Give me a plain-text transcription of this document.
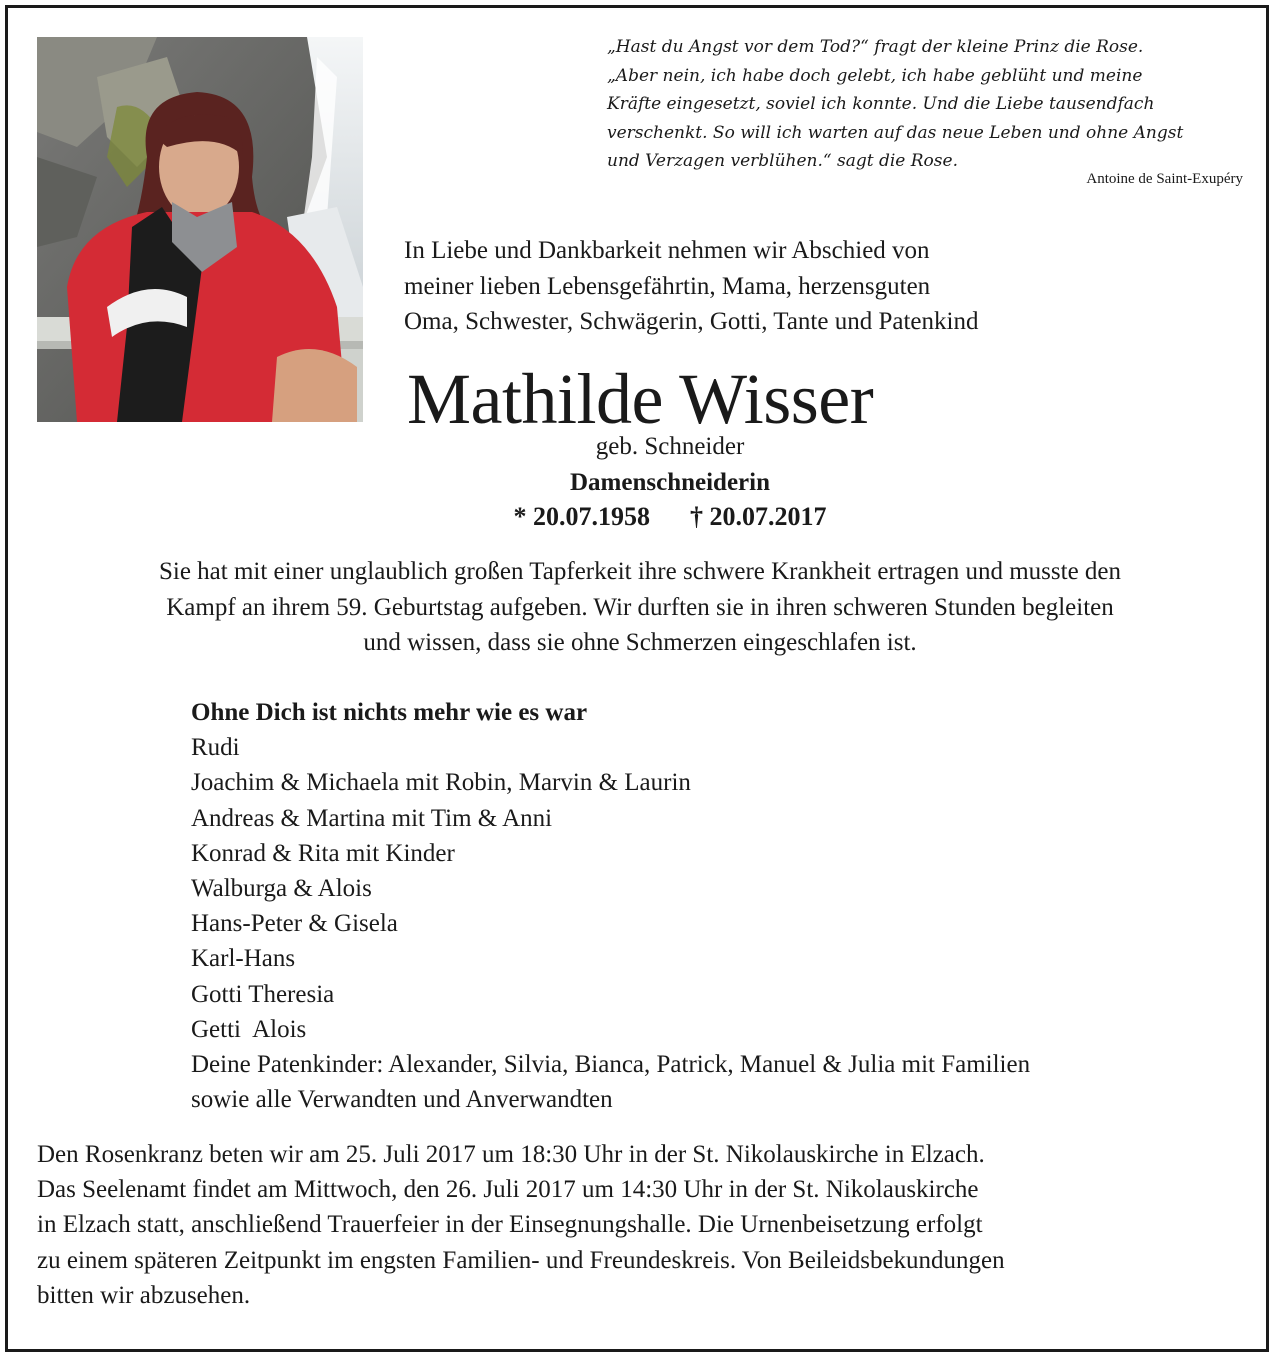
„Hast du Angst vor dem Tod?“ fragt der kleine Prinz die Rose.
„Aber nein, ich habe doch gelebt, ich habe geblüht und meine
Kräfte eingesetzt, soviel ich konnte. Und die Liebe tausendfach
verschenkt. So will ich warten auf das neue Leben und ohne Angst
und Verzagen verblühen.“ sagt die Rose.
Antoine de Saint-Exupéry
In Liebe und Dankbarkeit nehmen wir Abschied von
meiner lieben Lebensgefährtin, Mama, herzensguten
Oma, Schwester, Schwägerin, Gotti, Tante und Patenkind
Mathilde Wisser
geb. Schneider
Damenschneiderin
* 20.07.1958 † 20.07.2017
Sie hat mit einer unglaublich großen Tapferkeit ihre schwere Krankheit ertragen und musste den
Kampf an ihrem 59. Geburtstag aufgeben. Wir durften sie in ihren schweren Stunden begleiten
und wissen, dass sie ohne Schmerzen eingeschlafen ist.
Ohne Dich ist nichts mehr wie es war
Rudi
Joachim & Michaela mit Robin, Marvin & Laurin
Andreas & Martina mit Tim & Anni
Konrad & Rita mit Kinder
Walburga & Alois
Hans-Peter & Gisela
Karl-Hans
Gotti Theresia
Getti  Alois
Deine Patenkinder: Alexander, Silvia, Bianca, Patrick, Manuel & Julia mit Familien
sowie alle Verwandten und Anverwandten
Den Rosenkranz beten wir am 25. Juli 2017 um 18:30 Uhr in der St. Nikolauskirche in Elzach.
Das Seelenamt findet am Mittwoch, den 26. Juli 2017 um 14:30 Uhr in der St. Nikolauskirche
in Elzach statt, anschließend Trauerfeier in der Einsegnungshalle. Die Urnenbeisetzung erfolgt
zu einem späteren Zeitpunkt im engsten Familien- und Freundeskreis. Von Beileidsbekundungen
bitten wir abzusehen.
